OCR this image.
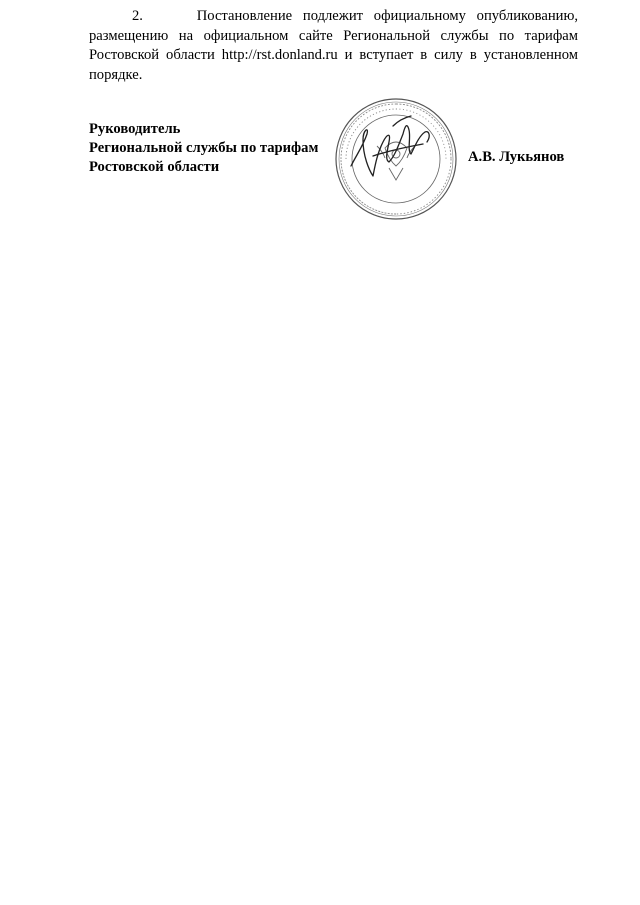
2.     Постановление подлежит официальному опубликованию, размещению на официальном сайте Региональной службы по тарифам Ростовской области http://rst.donland.ru и вступает в силу в установленном порядке.

Руководитель
Региональной службы по тарифам
Ростовской области
А.В. Лукьянов
